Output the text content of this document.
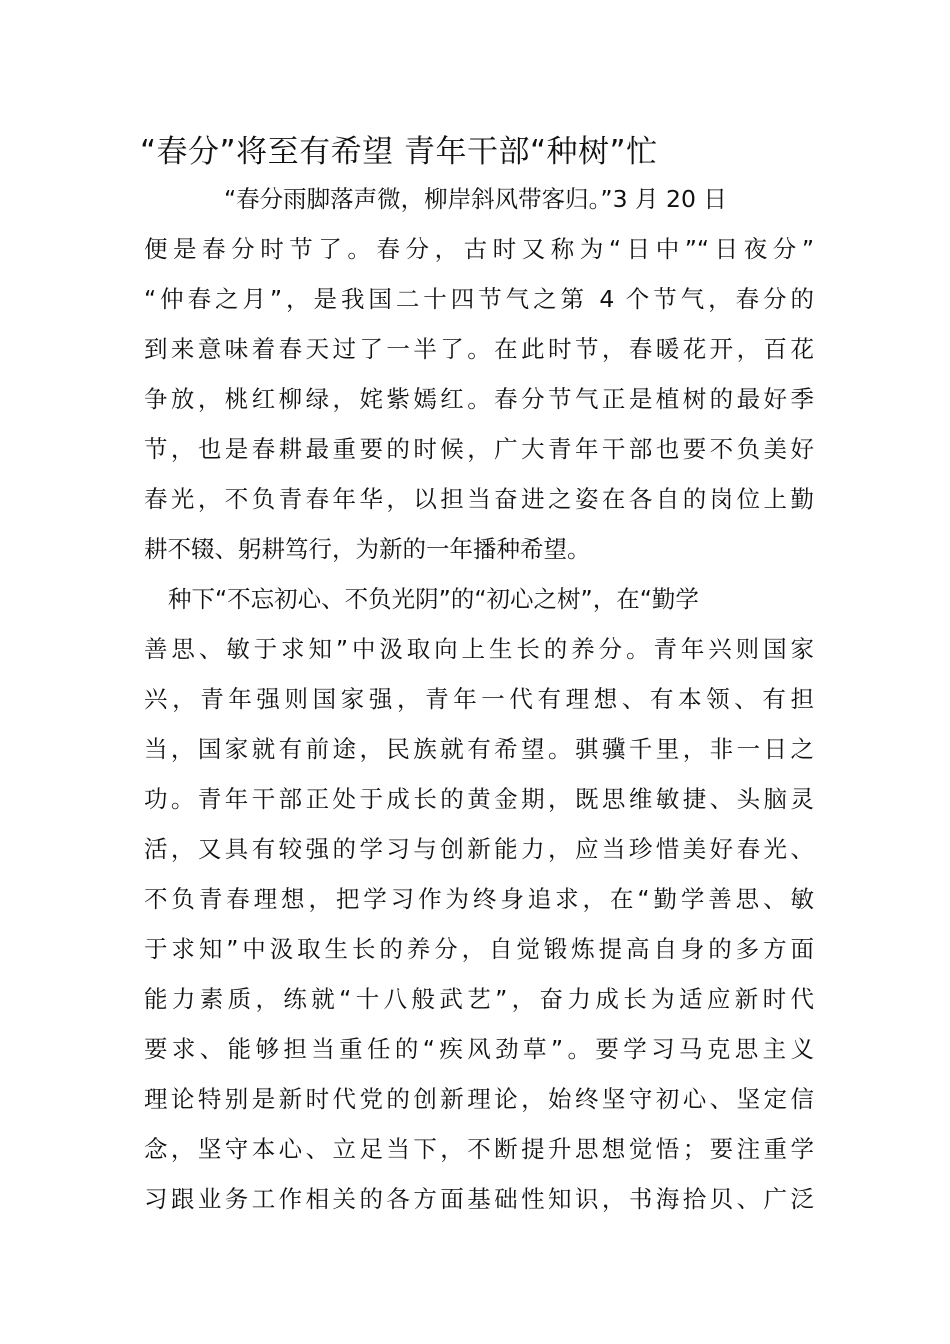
“春分”将至有希望 青年干部“种树”忙
“春分雨脚落声微，柳岸斜风带客归。”3 月 20 日
便是春分时节了。春分，古时又称为“日中”“日夜分”
“仲春之月”，是我国二十四节气之第 4 个节气，春分的
到来意味着春天过了一半了。在此时节，春暖花开，百花
争放，桃红柳绿，姹紫嫣红。春分节气正是植树的最好季
节，也是春耕最重要的时候，广大青年干部也要不负美好
春光，不负青春年华，以担当奋进之姿在各自的岗位上勤
耕不辍、躬耕笃行，为新的一年播种希望。
种下“不忘初心、不负光阴”的“初心之树”，在“勤学
善思、敏于求知”中汲取向上生长的养分。青年兴则国家
兴，青年强则国家强，青年一代有理想、有本领、有担
当，国家就有前途，民族就有希望。骐骥千里，非一日之
功。青年干部正处于成长的黄金期，既思维敏捷、头脑灵
活，又具有较强的学习与创新能力，应当珍惜美好春光、
不负青春理想，把学习作为终身追求，在“勤学善思、敏
于求知”中汲取生长的养分，自觉锻炼提高自身的多方面
能力素质，练就“十八般武艺”，奋力成长为适应新时代
要求、能够担当重任的“疾风劲草”。要学习马克思主义
理论特别是新时代党的创新理论，始终坚守初心、坚定信
念，坚守本心、立足当下，不断提升思想觉悟；要注重学
习跟业务工作相关的各方面基础性知识，书海拾贝、广泛
